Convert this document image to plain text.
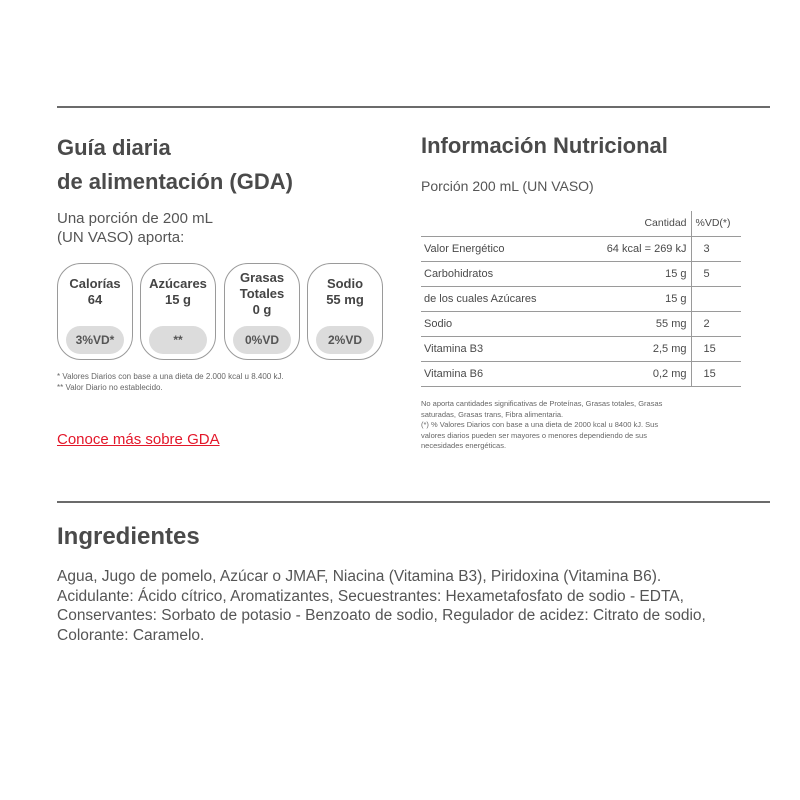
Guía diaria
de alimentación (GDA)
Una porción de 200 mL
(UN VASO) aporta:
Calorías
64
3%VD*
Azúcares
15 g
**
Grasas
Totales
0 g
0%VD
Sodio
55 mg
2%VD
* Valores Diarios con base a una dieta de 2.000 kcal u 8.400 kJ.
** Valor Diario no establecido.
Conoce más sobre GDA
Información Nutricional
Porción 200 mL (UN VASO)
	Cantidad	%VD(*)
Valor Energético	64 kcal = 269 kJ	3
Carbohidratos	15 g	5
de los cuales Azúcares	15 g	
Sodio	55 mg	2
Vitamina B3	2,5 mg	15
Vitamina B6	0,2 mg	15
No aporta cantidades significativas de Proteínas, Grasas totales, Grasas
saturadas, Grasas trans, Fibra alimentaria.
(*) % Valores Diarios con base a una dieta de 2000 kcal u 8400 kJ. Sus
valores diarios pueden ser mayores o menores dependiendo de sus
necesidades energéticas.
Ingredientes
Agua, Jugo de pomelo, Azúcar o JMAF, Niacina (Vitamina B3), Piridoxina (Vitamina B6). Acidulante: Ácido cítrico, Aromatizantes, Secuestrantes: Hexametafosfato de sodio - EDTA, Conservantes: Sorbato de potasio - Benzoato de sodio, Regulador de acidez: Citrato de sodio, Colorante: Caramelo.
